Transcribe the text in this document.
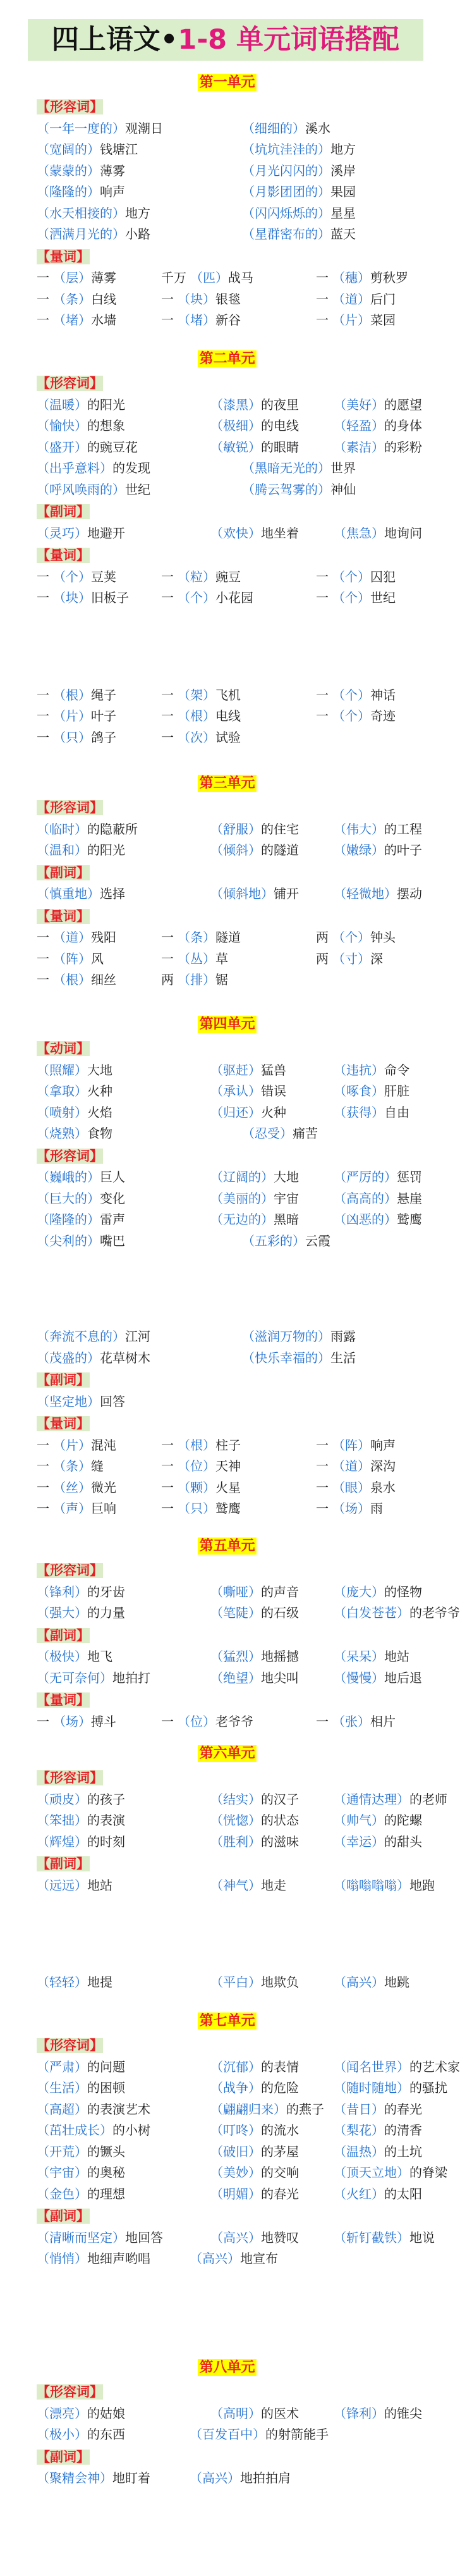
四上语文•1-8 单元词语搭配
第一单元
【形容词】
（一年一度的）观潮日	（细细的）溪水
（宽阔的）钱塘江	（坑坑洼洼的）地方
（蒙蒙的）薄雾	（月光闪闪的）溪岸
（隆隆的）响声	（月影团团的）果园
（水天相接的）地方	（闪闪烁烁的）星星
（洒满月光的）小路	（星群密布的）蓝天
【量词】
一 （层）薄雾	千万 （匹）战马	一 （穗）剪秋罗
一 （条）白线	一 （块）银毯	一 （道）后门
一 （堵）水墙	一 （堵）新谷	一 （片）菜园
第二单元
【形容词】
（温暖）的阳光	（漆黑）的夜里	（美好）的愿望
（愉快）的想象	（极细）的电线	（轻盈）的身体
（盛开）的豌豆花	（敏锐）的眼睛	（素洁）的彩粉
（出乎意料）的发现	（黑暗无光的）世界
（呼风唤雨的）世纪	（腾云驾雾的）神仙
【副词】
（灵巧）地避开	（欢快）地坐着	（焦急）地询问
【量词】
一 （个）豆荚	一 （粒）豌豆	一 （个）囚犯
一 （块）旧板子	一 （个）小花园	一 （个）世纪
一 （根）绳子	一 （架）飞机	一 （个）神话
一 （片）叶子	一 （根）电线	一 （个）奇迹
一 （只）鸽子	一 （次）试验
第三单元
【形容词】
（临时）的隐蔽所	（舒服）的住宅	（伟大）的工程
（温和）的阳光	（倾斜）的隧道	（嫩绿）的叶子
【副词】
（慎重地）选择	（倾斜地）铺开	（轻微地）摆动
【量词】
一 （道）残阳	一 （条）隧道	两 （个）钟头
一 （阵）风	一 （丛）草	两 （寸）深
一 （根）细丝	两 （排）锯
第四单元
【动词】
（照耀）大地	（驱赶）猛兽	（违抗）命令
（拿取）火种	（承认）错误	（啄食）肝脏
（喷射）火焰	（归还）火种	（获得）自由
（烧熟）食物	（忍受）痛苦
【形容词】
（巍峨的）巨人	（辽阔的）大地	（严厉的）惩罚
（巨大的）变化	（美丽的）宇宙	（高高的）悬崖
（隆隆的）雷声	（无边的）黑暗	（凶恶的）鹫鹰
（尖利的）嘴巴	（五彩的）云霞
（奔流不息的）江河	（滋润万物的）雨露
（茂盛的）花草树木	（快乐幸福的）生活
【副词】
（坚定地）回答
【量词】
一 （片）混沌	一 （根）柱子	一 （阵）响声
一 （条）缝	一 （位）天神	一 （道）深沟
一 （丝）微光	一 （颗）火星	一 （眼）泉水
一 （声）巨响	一 （只）鹫鹰	一 （场）雨
第五单元
【形容词】
（锋利）的牙齿	（嘶哑）的声音	（庞大）的怪物
（强大）的力量	（笔陡）的石级	（白发苍苍）的老爷爷
【副词】
（极快）地飞	（猛烈）地摇撼	（呆呆）地站
（无可奈何）地拍打	（绝望）地尖叫	（慢慢）地后退
【量词】
一 （场）搏斗	一 （位）老爷爷	一 （张）相片
第六单元
【形容词】
（顽皮）的孩子	（结实）的汉子	（通情达理）的老师
（笨拙）的表演	（恍惚）的状态	（帅气）的陀螺
（辉煌）的时刻	（胜利）的滋味	（幸运）的甜头
【副词】
（远远）地站	（神气）地走	（嗡嗡嗡嗡）地跑
（轻轻）地提	（平白）地欺负	（高兴）地跳
第七单元
【形容词】
（严肃）的问题	（沉郁）的表情	（闻名世界）的艺术家
（生活）的困顿	（战争）的危险	（随时随地）的骚扰
（高超）的表演艺术	（翩翩归来）的燕子 （昔日）的春光
（茁壮成长）的小树	（叮咚）的流水	（梨花）的清香
（开荒）的镢头	（破旧）的茅屋	（温热）的土坑
（宇宙）的奥秘	（美妙）的交响	（顶天立地）的脊梁
（金色）的理想	（明媚）的春光	（火红）的太阳
【副词】
（清晰而坚定）地回答	（高兴）地赞叹	（斩钉截铁）地说
（悄悄）地细声哟唱	（高兴）地宣布
第八单元
【形容词】
（漂亮）的姑娘	（高明）的医术	（锋利）的锥尖
（极小）的东西	（百发百中）的射箭能手
【副词】
（聚精会神）地盯着	（高兴）地拍拍肩
